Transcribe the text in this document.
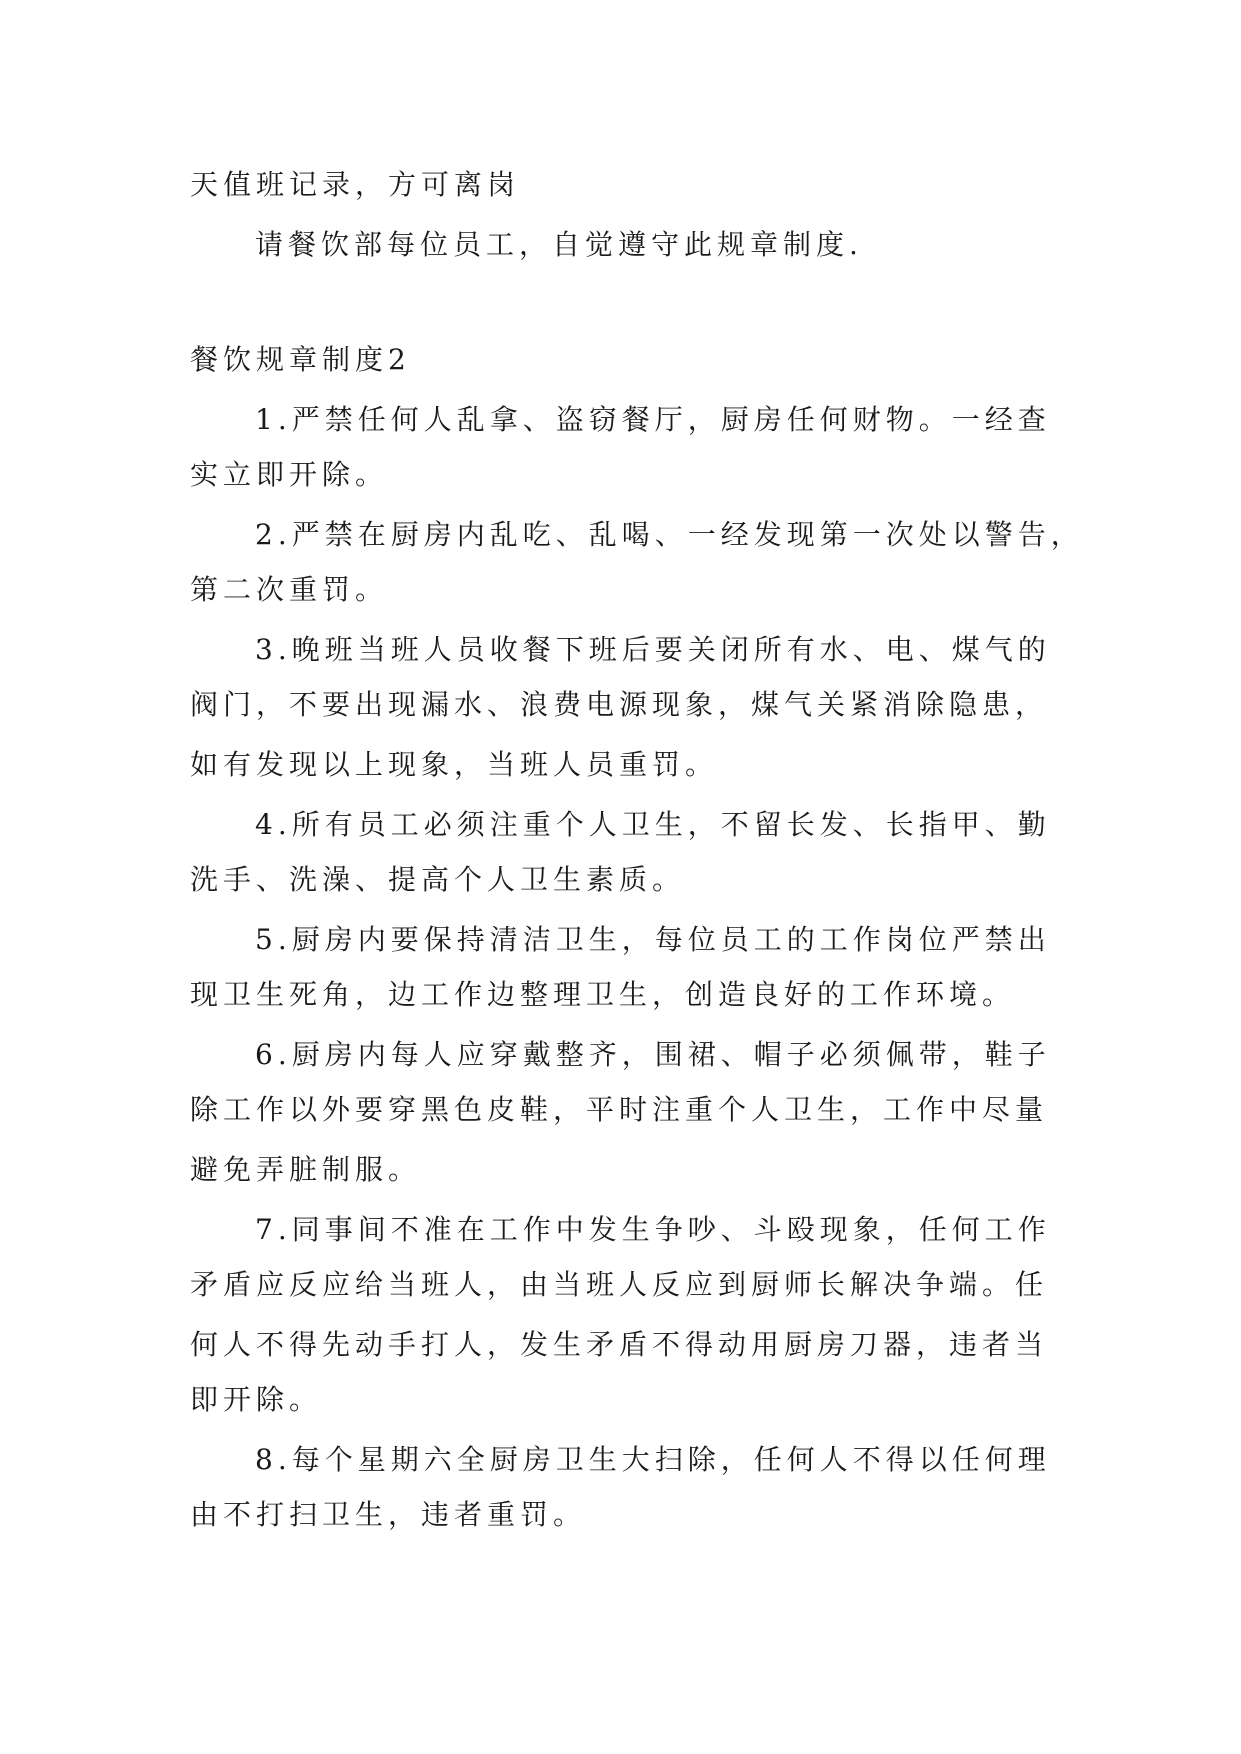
天值班记录，方可离岗
请餐饮部每位员工，自觉遵守此规章制度.
餐饮规章制度2
1.严禁任何人乱拿、盗窃餐厅，厨房任何财物。一经查
实立即开除。
2.严禁在厨房内乱吃、乱喝、一经发现第一次处以警告，
第二次重罚。
3.晚班当班人员收餐下班后要关闭所有水、电、煤气的
阀门，不要出现漏水、浪费电源现象，煤气关紧消除隐患，
如有发现以上现象，当班人员重罚。
4.所有员工必须注重个人卫生，不留长发、长指甲、勤
洗手、洗澡、提高个人卫生素质。
5.厨房内要保持清洁卫生，每位员工的工作岗位严禁出
现卫生死角，边工作边整理卫生，创造良好的工作环境。
6.厨房内每人应穿戴整齐，围裙、帽子必须佩带，鞋子
除工作以外要穿黑色皮鞋，平时注重个人卫生，工作中尽量
避免弄脏制服。
7.同事间不准在工作中发生争吵、斗殴现象，任何工作
矛盾应反应给当班人，由当班人反应到厨师长解决争端。任
何人不得先动手打人，发生矛盾不得动用厨房刀器，违者当
即开除。
8.每个星期六全厨房卫生大扫除，任何人不得以任何理
由不打扫卫生，违者重罚。
